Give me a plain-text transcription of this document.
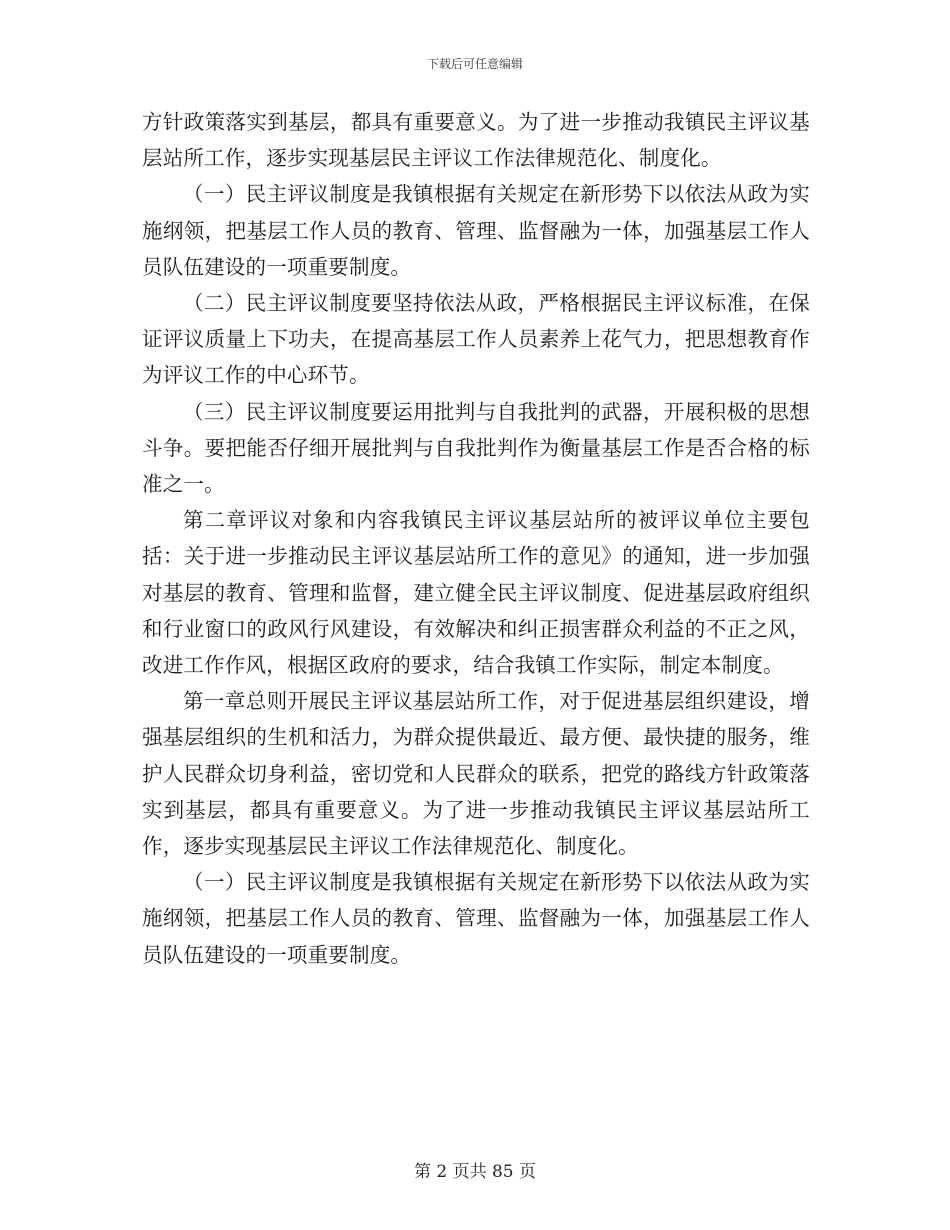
下载后可任意编辑

方针政策落实到基层，都具有重要意义。为了进一步推动我镇民主评议基层站所工作，逐步实现基层民主评议工作法律规范化、制度化。

（一）民主评议制度是我镇根据有关规定在新形势下以依法从政为实施纲领，把基层工作人员的教育、管理、监督融为一体，加强基层工作人员队伍建设的一项重要制度。

（二）民主评议制度要坚持依法从政，严格根据民主评议标准，在保证评议质量上下功夫，在提高基层工作人员素养上花气力，把思想教育作为评议工作的中心环节。

（三）民主评议制度要运用批判与自我批判的武器，开展积极的思想斗争。要把能否仔细开展批判与自我批判作为衡量基层工作是否合格的标准之一。

第二章评议对象和内容我镇民主评议基层站所的被评议单位主要包括：关于进一步推动民主评议基层站所工作的意见》的通知，进一步加强对基层的教育、管理和监督，建立健全民主评议制度、促进基层政府组织和行业窗口的政风行风建设，有效解决和纠正损害群众利益的不正之风，改进工作作风，根据区政府的要求，结合我镇工作实际，制定本制度。

第一章总则开展民主评议基层站所工作，对于促进基层组织建设，增强基层组织的生机和活力，为群众提供最近、最方便、最快捷的服务，维护人民群众切身利益，密切党和人民群众的联系，把党的路线方针政策落实到基层，都具有重要意义。为了进一步推动我镇民主评议基层站所工作，逐步实现基层民主评议工作法律规范化、制度化。

（一）民主评议制度是我镇根据有关规定在新形势下以依法从政为实施纲领，把基层工作人员的教育、管理、监督融为一体，加强基层工作人员队伍建设的一项重要制度。

第 2 页共 85 页
